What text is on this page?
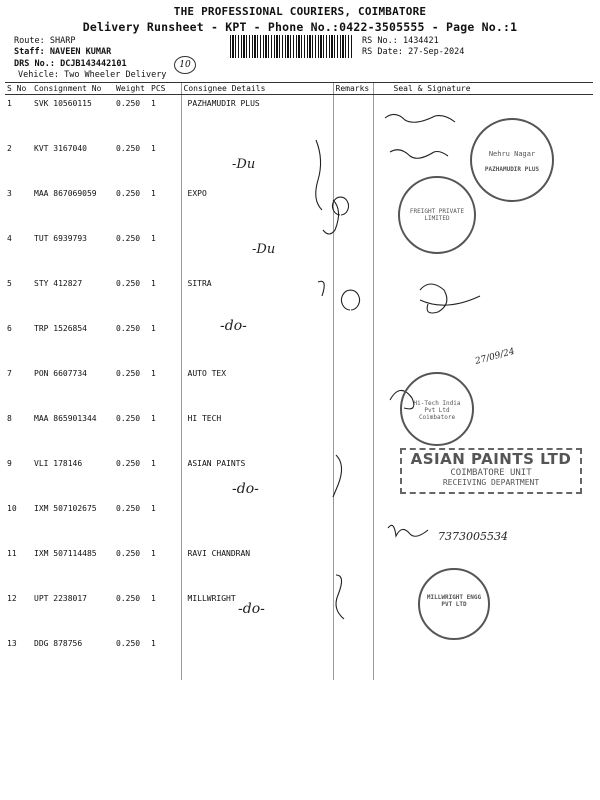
THE PROFESSIONAL COURIERS, COIMBATORE
Delivery Runsheet - KPT - Phone No.:0422-3505555 - Page No.:1
Route: SHARP
Staff: NAVEEN KUMAR
DRS No.: DCJB143442101
Vehicle: Two Wheeler Delivery
RS No.: 1434421
RS Date: 27-Sep-2024
10
S No	Consignment No	Weight	PCS	Consignee Details	Remarks	Seal & Signature
1	SVK 10560115	0.250	1	PAZHAMUDIR PLUS		
2	KVT 3167040	0.250	1			
3	MAA 867069059	0.250	1	EXPO		
4	TUT 6939793	0.250	1			
5	STY 412827	0.250	1	SITRA		
6	TRP 1526854	0.250	1			
7	PON 6607734	0.250	1	AUTO TEX		
8	MAA 865901344	0.250	1	HI TECH		
9	VLI 178146	0.250	1	ASIAN PAINTS		
10	IXM 507102675	0.250	1			
11	IXM 507114485	0.250	1	RAVI CHANDRAN		
12	UPT 2238017	0.250	1	MILLWRIGHT		
13	DDG 878756	0.250	1			
-Du
-Du
-do-
-do-
-do-
7373005534
27/09/24
Nehru Nagar
PAZHAMUDIR PLUS
FREIGHT PRIVATE LIMITED
Hi-Tech India Pvt Ltd Coimbatore
ASIAN PAINTS LTD
COIMBATORE UNIT
RECEIVING DEPARTMENT
MILLWRIGHT ENGG PVT LTD
